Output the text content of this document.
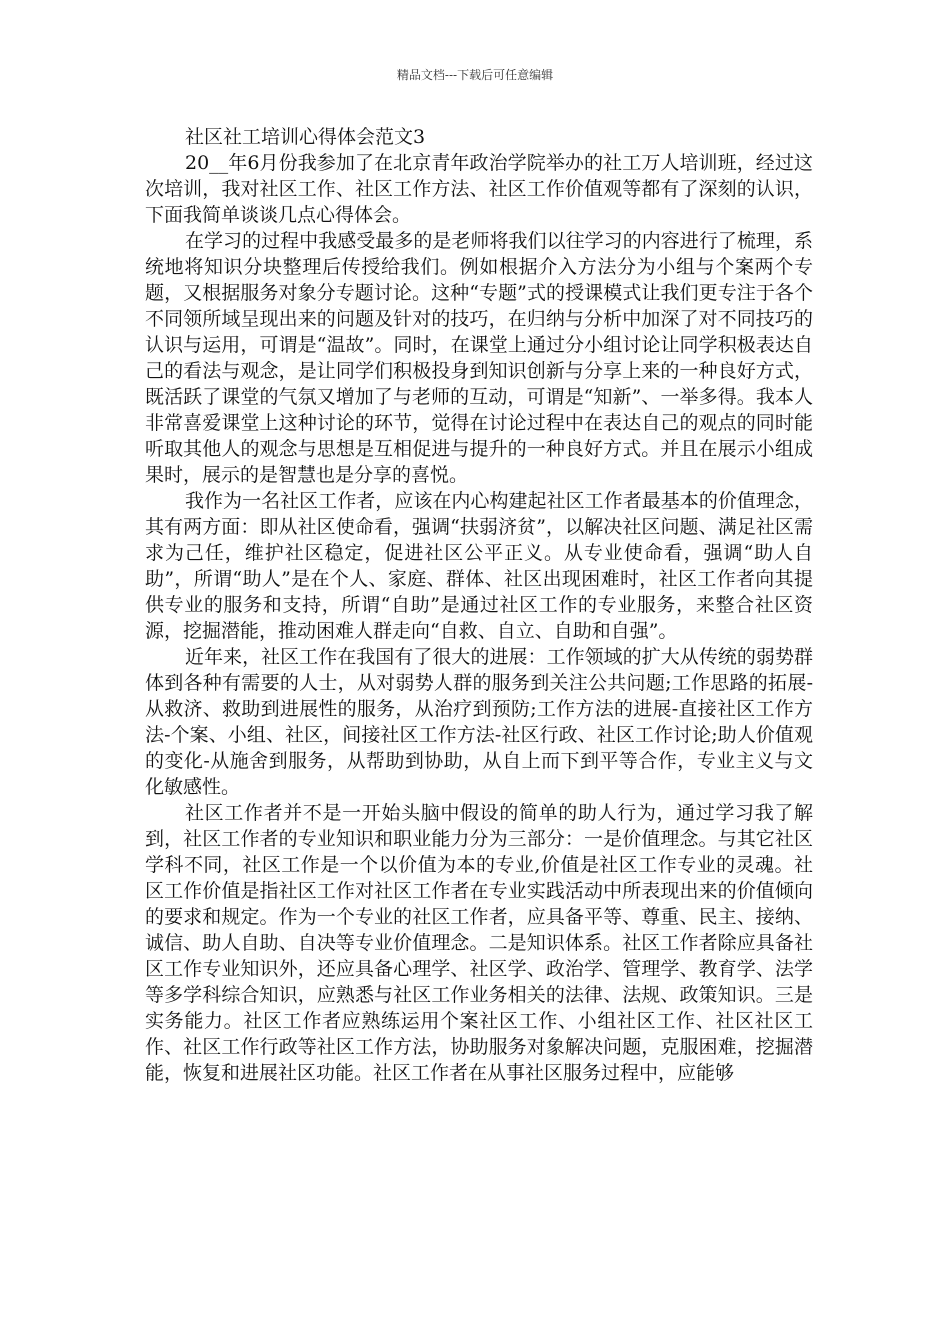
精品文档---下载后可任意编辑
社区社工培训心得体会范文3

20__年6月份我参加了在北京青年政治学院举办的社工万人培训班，经过这次培训，我对社区工作、社区工作方法、社区工作价值观等都有了深刻的认识，下面我简单谈谈几点心得体会。

在学习的过程中我感受最多的是老师将我们以往学习的内容进行了梳理，系统地将知识分块整理后传授给我们。例如根据介入方法分为小组与个案两个专题，又根据服务对象分专题讨论。这种“专题”式的授课模式让我们更专注于各个不同领所域呈现出来的问题及针对的技巧，在归纳与分析中加深了对不同技巧的认识与运用，可谓是“温故”。同时，在课堂上通过分小组讨论让同学积极表达自己的看法与观念，是让同学们积极投身到知识创新与分享上来的一种良好方式，既活跃了课堂的气氛又增加了与老师的互动，可谓是“知新”、一举多得。我本人非常喜爱课堂上这种讨论的环节，觉得在讨论过程中在表达自己的观点的同时能听取其他人的观念与思想是互相促进与提升的一种良好方式。并且在展示小组成果时，展示的是智慧也是分享的喜悦。

我作为一名社区工作者，应该在内心构建起社区工作者最基本的价值理念，其有两方面：即从社区使命看，强调“扶弱济贫”，以解决社区问题、满足社区需求为己任，维护社区稳定，促进社区公平正义。从专业使命看，强调“助人自助”，所谓“助人”是在个人、家庭、群体、社区出现困难时，社区工作者向其提供专业的服务和支持，所谓“自助”是通过社区工作的专业服务，来整合社区资源，挖掘潜能，推动困难人群走向“自救、自立、自助和自强”。

近年来，社区工作在我国有了很大的进展：工作领域的扩大从传统的弱势群体到各种有需要的人士，从对弱势人群的服务到关注公共问题;工作思路的拓展-从救济、救助到进展性的服务，从治疗到预防;工作方法的进展-直接社区工作方法-个案、小组、社区，间接社区工作方法-社区行政、社区工作讨论;助人价值观的变化-从施舍到服务，从帮助到协助，从自上而下到平等合作，专业主义与文化敏感性。

社区工作者并不是一开始头脑中假设的简单的助人行为，通过学习我了解到，社区工作者的专业知识和职业能力分为三部分：一是价值理念。与其它社区学科不同，社区工作是一个以价值为本的专业,价值是社区工作专业的灵魂。社区工作价值是指社区工作对社区工作者在专业实践活动中所表现出来的价值倾向的要求和规定。作为一个专业的社区工作者，应具备平等、尊重、民主、接纳、诚信、助人自助、自决等专业价值理念。二是知识体系。社区工作者除应具备社区工作专业知识外，还应具备心理学、社区学、政治学、管理学、教育学、法学等多学科综合知识，应熟悉与社区工作业务相关的法律、法规、政策知识。三是实务能力。社区工作者应熟练运用个案社区工作、小组社区工作、社区社区工作、社区工作行政等社区工作方法，协助服务对象解决问题，克服困难，挖掘潜能，恢复和进展社区功能。社区工作者在从事社区服务过程中，应能够
